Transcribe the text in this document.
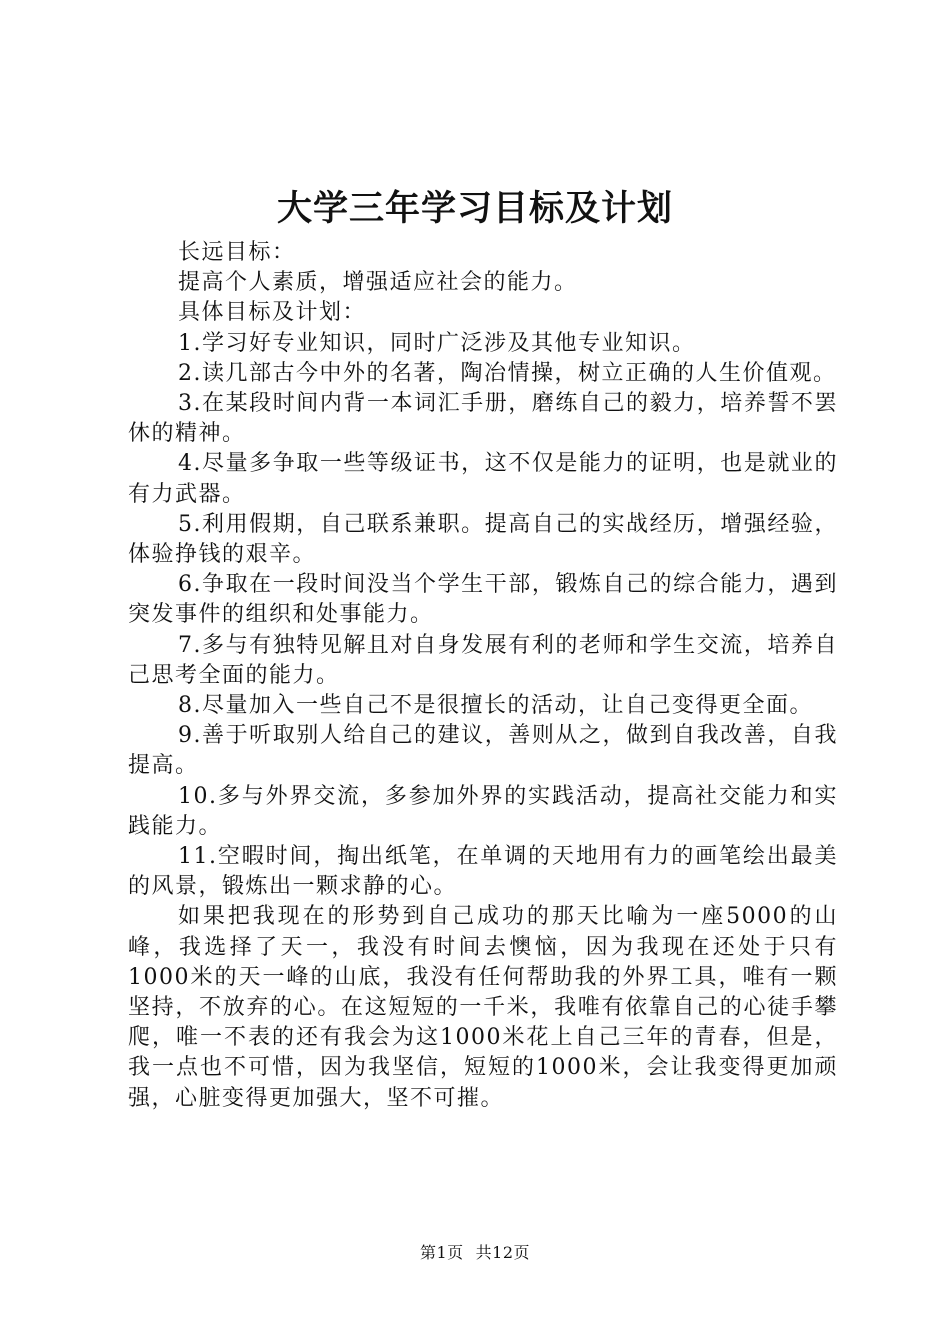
大学三年学习目标及计划

长远目标：

提高个人素质，增强适应社会的能力。

具体目标及计划：

1.学习好专业知识，同时广泛涉及其他专业知识。

2.读几部古今中外的名著，陶冶情操，树立正确的人生价值观。

3.在某段时间内背一本词汇手册，磨练自己的毅力，培养誓不罢休的精神。

4.尽量多争取一些等级证书，这不仅是能力的证明，也是就业的有力武器。

5.利用假期，自己联系兼职。提高自己的实战经历，增强经验，体验挣钱的艰辛。

6.争取在一段时间没当个学生干部，锻炼自己的综合能力，遇到突发事件的组织和处事能力。

7.多与有独特见解且对自身发展有利的老师和学生交流，培养自己思考全面的能力。

8.尽量加入一些自己不是很擅长的活动，让自己变得更全面。

9.善于听取别人给自己的建议，善则从之，做到自我改善，自我提高。

10.多与外界交流，多参加外界的实践活动，提高社交能力和实践能力。

11.空暇时间，掏出纸笔，在单调的天地用有力的画笔绘出最美的风景，锻炼出一颗求静的心。

如果把我现在的形势到自己成功的那天比喻为一座5000的山峰，我选择了天一，我没有时间去懊恼，因为我现在还处于只有1000米的天一峰的山底，我没有任何帮助我的外界工具，唯有一颗坚持，不放弃的心。在这短短的一千米，我唯有依靠自己的心徒手攀爬，唯一不表的还有我会为这1000米花上自己三年的青春，但是，我一点也不可惜，因为我坚信，短短的1000米，会让我变得更加顽强，心脏变得更加强大，坚不可摧。

第1页 共12页
